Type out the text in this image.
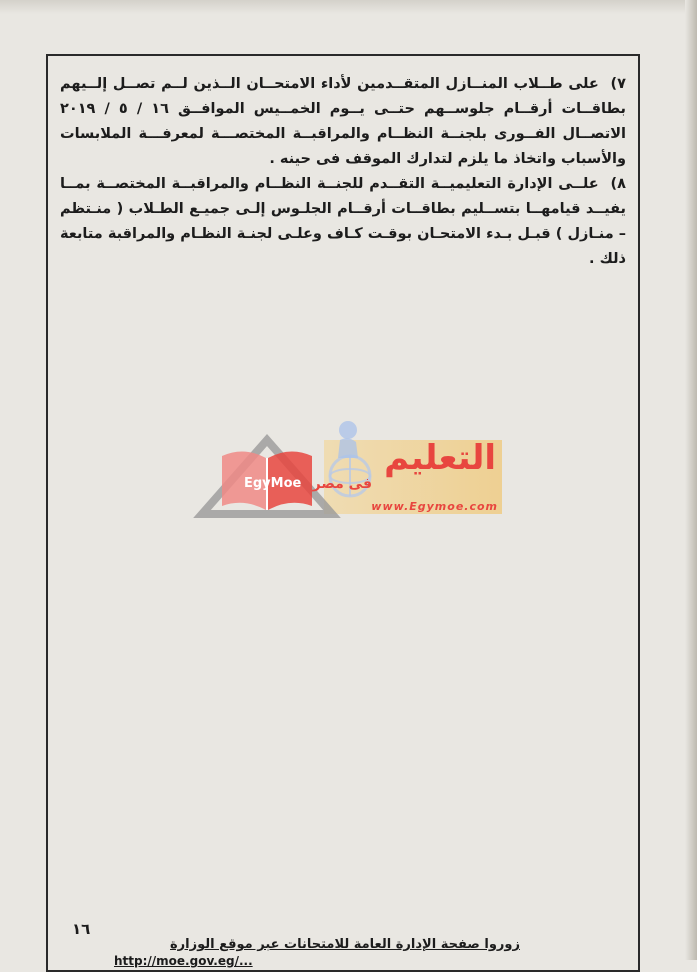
٧) على طــلاب المنــازل المتقــدمين لأداء الامتحــان الــذين لــم تصــل إلــيهم بطاقــات أرقــام جلوســهم حتــى يــوم الخمــيس الموافــق ١٦ / ٥ / ٢٠١٩ الاتصــال الفــورى بلجنــة النظــام والمراقبــة المختصـــة لمعرفـــة الملابسات والأسباب واتخاذ ما يلزم لتدارك الموقف فى حينه .

٨) علــى الإدارة التعليميــة التقــدم للجنــة النظــام والمراقبــة المختصــة بمــا يفيــد قيامهــا بتســليم بطاقــات أرقــام الجلـوس إلـى جميـع الطـلاب ( منـتظم – منـازل ) قبـل بـدء الامتحـان بوقـت كـاف وعلـى لجنـة النظـام والمراقبة متابعة ذلك .

EgyMoe
التعليم
فى مصر
www.Egymoe.com
١٦
زوروا صفحة الإدارة العامة للامتحانات عبر موقع الوزارة
http://moe.gov.eg/...
